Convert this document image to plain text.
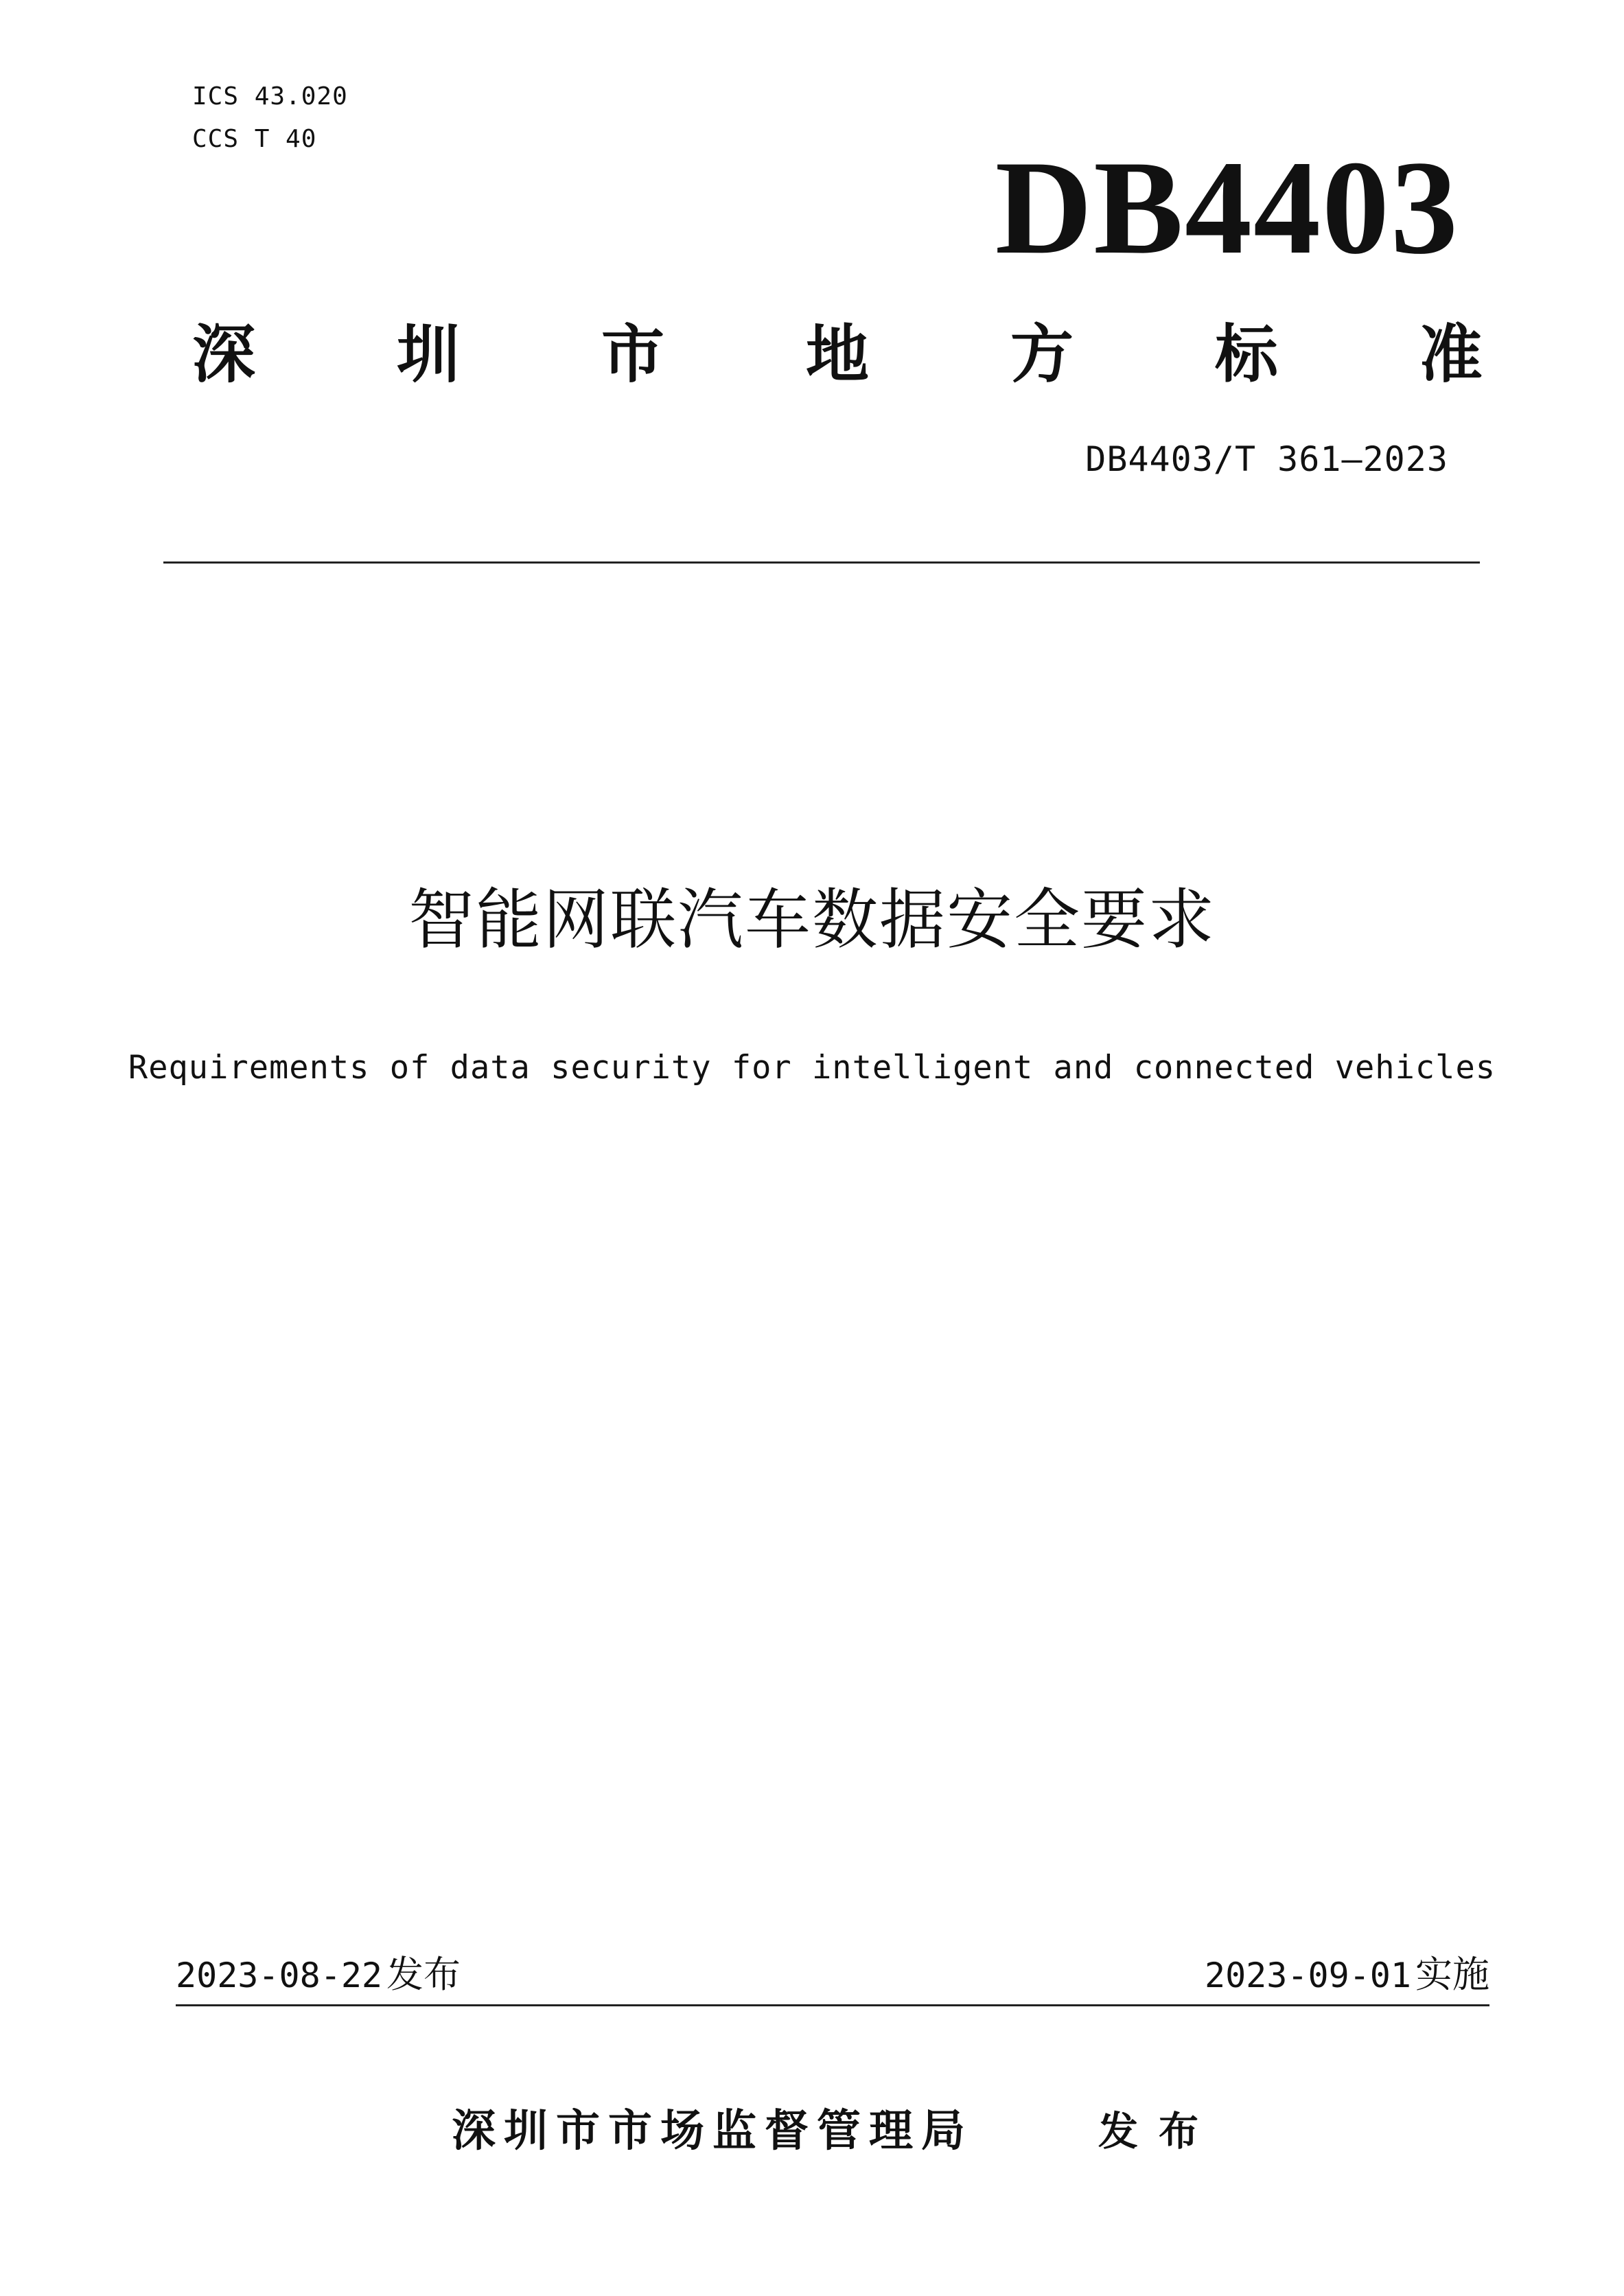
ICS 43.020
CCS T 40	DB4403
深 圳 市 地 方 标 准
DB4403/T 361—2023
智能网联汽车数据安全要求
Requirements of data security for intelligent and connected vehicles
2023-08-22 发布	2023-09-01 实施
深圳市市场监督管理局	发布
